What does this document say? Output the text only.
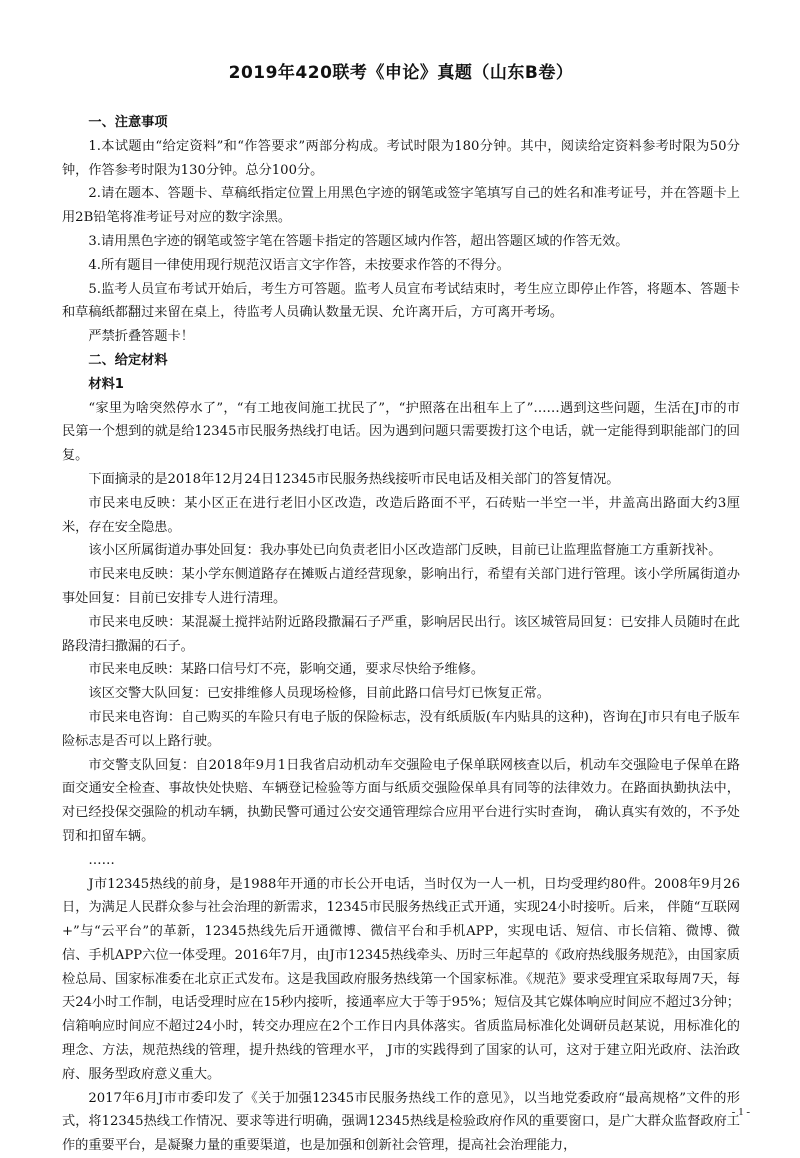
2019年420联考《申论》真题（山东B卷）

一、注意事项

1.本试题由“给定资料”和“作答要求”两部分构成。考试时限为180分钟。其中，阅读给定资料参考时限为50分钟，作答参考时限为130分钟。总分100分。

2.请在题本、答题卡、草稿纸指定位置上用黑色字迹的钢笔或签字笔填写自己的姓名和准考证号，并在答题卡上用2B铅笔将准考证号对应的数字涂黑。

3.请用黑色字迹的钢笔或签字笔在答题卡指定的答题区域内作答，超出答题区域的作答无效。

4.所有题目一律使用现行规范汉语言文字作答，未按要求作答的不得分。

5.监考人员宣布考试开始后，考生方可答题。监考人员宣布考试结束时，考生应立即停止作答，将题本、答题卡和草稿纸都翻过来留在桌上，待监考人员确认数量无误、允许离开后，方可离开考场。

严禁折叠答题卡！

二、给定材料

材料1

“家里为啥突然停水了”，“有工地夜间施工扰民了”，“护照落在出租车上了”……遇到这些问题，生活在J市的市民第一个想到的就是给12345市民服务热线打电话。因为遇到问题只需要拨打这个电话，就一定能得到职能部门的回复。

下面摘录的是2018年12月24日12345市民服务热线接听市民电话及相关部门的答复情况。

市民来电反映：某小区正在进行老旧小区改造，改造后路面不平，石砖贴一半空一半，井盖高出路面大约3厘米，存在安全隐患。

该小区所属街道办事处回复：我办事处已向负责老旧小区改造部门反映，目前已让监理监督施工方重新找补。

市民来电反映：某小学东侧道路存在摊贩占道经营现象，影响出行，希望有关部门进行管理。该小学所属街道办事处回复：目前已安排专人进行清理。

市民来电反映：某混凝土搅拌站附近路段撒漏石子严重，影响居民出行。该区城管局回复：已安排人员随时在此路段清扫撒漏的石子。

市民来电反映：某路口信号灯不亮，影响交通，要求尽快给予维修。

该区交警大队回复：已安排维修人员现场检修，目前此路口信号灯已恢复正常。

市民来电咨询：自己购买的车险只有电子版的保险标志，没有纸质版(车内贴具的这种)，咨询在J市只有电子版车险标志是否可以上路行驶。

市交警支队回复：自2018年9月1日我省启动机动车交强险电子保单联网核查以后，机动车交强险电子保单在路面交通安全检查、事故快处快赔、车辆登记检验等方面与纸质交强险保单具有同等的法律效力。在路面执勤执法中，对已经投保交强险的机动车辆，执勤民警可通过公安交通管理综合应用平台进行实时查询， 确认真实有效的，不予处罚和扣留车辆。

……

J市12345热线的前身，是1988年开通的市长公开电话，当时仅为一人一机，日均受理约80件。2008年9月26日，为满足人民群众参与社会治理的新需求，12345市民服务热线正式开通，实现24小时接听。后来， 伴随“互联网+”与“云平台”的革新，12345热线先后开通微博、微信平台和手机APP，实现电话、短信、市长信箱、微博、微信、手机APP六位一体受理。2016年7月，由J市12345热线牵头、历时三年起草的《政府热线服务规范》，由国家质检总局、国家标准委在北京正式发布。这是我国政府服务热线第一个国家标准。《规范》要求受理宜采取每周7天，每天24小时工作制，电话受理时应在15秒内接听，接通率应大于等于95%；短信及其它媒体响应时间应不超过3分钟；信箱响应时间应不超过24小时，转交办理应在2个工作日内具体落实。省质监局标准化处调研员赵某说，用标准化的理念、方法，规范热线的管理，提升热线的管理水平， J市的实践得到了国家的认可，这对于建立阳光政府、法治政府、服务型政府意义重大。

2017年6月J市市委印发了《关于加强12345市民服务热线工作的意见》，以当地党委政府“最高规格”文件的形式，将12345热线工作情况、要求等进行明确，强调12345热线是检验政府作风的重要窗口，是广大群众监督政府工作的重要平台，是凝聚力量的重要渠道，也是加强和创新社会管理，提高社会治理能力，

- 1 -
